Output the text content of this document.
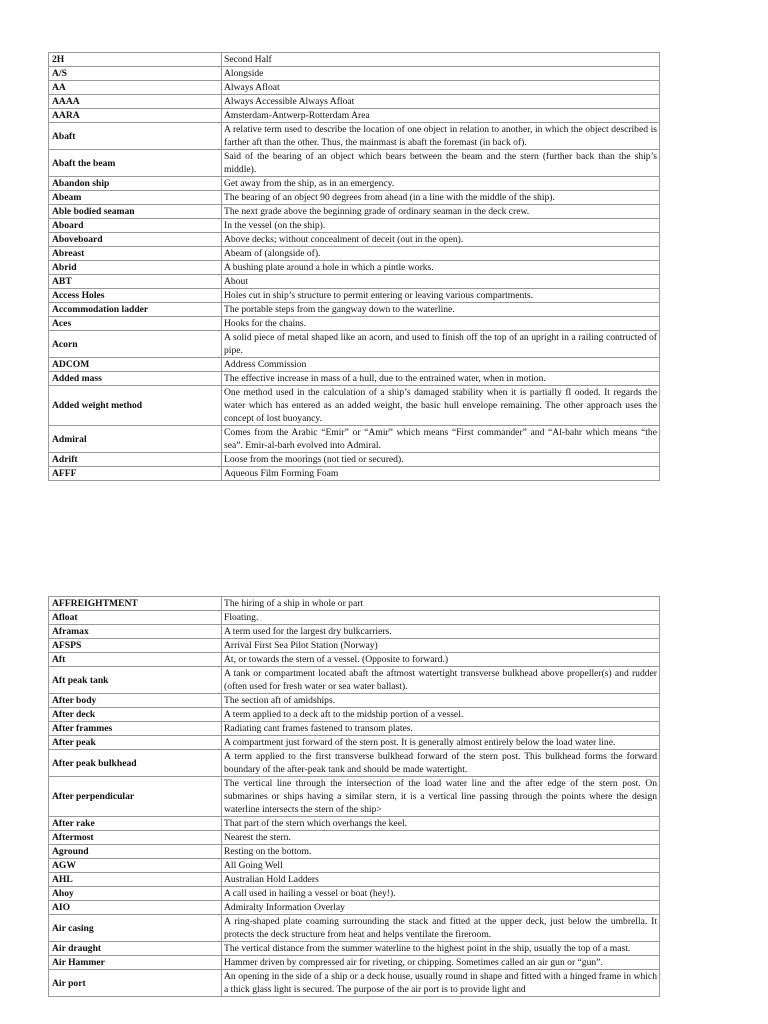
2H	Second Half
A/S	Alongside
AA	Always Afloat
AAAA	Always Accessible Always Afloat
AARA	Amsterdam-Antwerp-Rotterdam Area
Abaft	A relative term used to describe the location of one object in relation to another, in which the object described is farther aft than the other. Thus, the mainmast is abaft the foremast (in back of).
Abaft the beam	Said of the bearing of an object which bears between the beam and the stern (further back than the ship’s middle).
Abandon ship	Get away from the ship, as in an emergency.
Abeam	The bearing of an object 90 degrees from ahead (in a line with the middle of the ship).
Able bodied seaman	The next grade above the beginning grade of ordinary seaman in the deck crew.
Aboard	In the vessel (on the ship).
Aboveboard	Above decks; without concealment of deceit (out in the open).
Abreast	Abeam of (alongside of).
Abrid	A bushing plate around a hole in which a pintle works.
ABT	About
Access Holes	Holes cut in ship’s structure to permit entering or leaving various compartments.
Accommodation ladder	The portable steps from the gangway down to the waterline.
Aces	Hooks for the chains.
Acorn	A solid piece of metal shaped like an acorn, and used to finish off the top of an upright in a railing contructed of pipe.
ADCOM	Address Commission
Added mass	The effective increase in mass of a hull, due to the entrained water, when in motion.
Added weight method	One method used in the calculation of a ship’s damaged stability when it is partially fl ooded. It regards the water which has entered as an added weight, the basic hull envelope remaining. The other approach uses the concept of lost buoyancy.
Admiral	Comes from the Arabic “Emir” or “Amir” which means “First commander” and “Al-bahr which means “the sea”. Emir-al-barh evolved into Admiral.
Adrift	Loose from the moorings (not tied or secured).
AFFF	Aqueous Film Forming Foam
AFFREIGHTMENT	The hiring of a ship in whole or part
Afloat	Floating.
Aframax	A term used for the largest dry bulkcarriers.
AFSPS	Arrival First Sea Pilot Station (Norway)
Aft	At, or towards the stern of a vessel. (Opposite to forward.)
Aft peak tank	A tank or compartment located abaft the aftmost watertight transverse bulkhead above propeller(s) and rudder (often used for fresh water or sea water ballast).
After body	The section aft of amidships.
After deck	A term applied to a deck aft to the midship portion of a vessel.
After frammes	Radiating cant frames fastened to transom plates.
After peak	A compartment just forward of the stern post. It is generally almost entirely below the load water line.
After peak bulkhead	A term applied to the first transverse bulkhead forward of the stern post. This bulkhead forms the forward boundary of the after-peak tank and should be made watertight.
After perpendicular	The vertical line through the intersection of the load water line and the after edge of the stern post. On submarines or ships having a similar stern, it is a vertical line passing through the points where the design waterline intersects the stern of the ship>
After rake	That part of the stern which overhangs the keel.
Aftermost	Nearest the stern.
Aground	Resting on the bottom.
AGW	All Going Well
AHL	Australian Hold Ladders
Ahoy	A call used in hailing a vessel or boat (hey!).
AIO	Admiralty Information Overlay
Air casing	A ring-shaped plate coaming surrounding the stack and fitted at the upper deck, just below the umbrella. It protects the deck structure from heat and helps ventilate the fireroom.
Air draught	The vertical distance from the summer waterline to the highest point in the ship, usually the top of a mast.
Air Hammer	Hammer driven by compressed air for riveting, or chipping. Sometimes called an air gun or “gun”.
Air port	An opening in the side of a ship or a deck house, usually round in shape and fitted with a hinged frame in which a thick glass light is secured. The purpose of the air port is to provide light and
